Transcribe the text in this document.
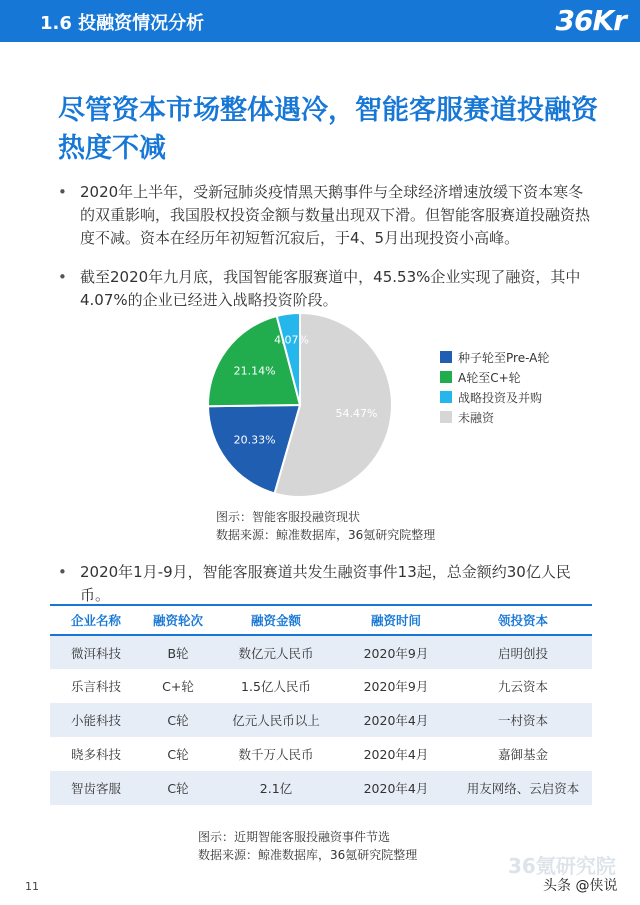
1.6 投融资情况分析	36Kr
尽管资本市场整体遇冷，智能客服赛道投融资
热度不减
• 2020年上半年，受新冠肺炎疫情黑天鹅事件与全球经济增速放缓下资本寒冬的双重影响，我国股权投资金额与数量出现双下滑。但智能客服赛道投融资热度不减。资本在经历年初短暂沉寂后，于4、5月出现投资小高峰。
• 截至2020年九月底，我国智能客服赛道中，45.53%企业实现了融资，其中4.07%的企业已经进入战略投资阶段。
54.47%
20.33%
21.14%
4.07%
种子轮至Pre-A轮
A轮至C+轮
战略投资及并购
未融资
图示：智能客服投融资现状
数据来源：鲸准数据库，36氪研究院整理
• 2020年1月-9月，智能客服赛道共发生融资事件13起，总金额约30亿人民币。
企业名称	融资轮次	融资金额	融资时间	领投资本
微洱科技	B轮	数亿元人民币	2020年9月	启明创投
乐言科技	C+轮	1.5亿人民币	2020年9月	九云资本
小能科技	C轮	亿元人民币以上	2020年4月	一村资本
晓多科技	C轮	数千万人民币	2020年4月	嘉御基金
智齿客服	C轮	2.1亿	2020年4月	用友网络、云启资本
图示：近期智能客服投融资事件节选
数据来源：鲸准数据库，36氪研究院整理
11
36氪研究院
头条 @侠说
